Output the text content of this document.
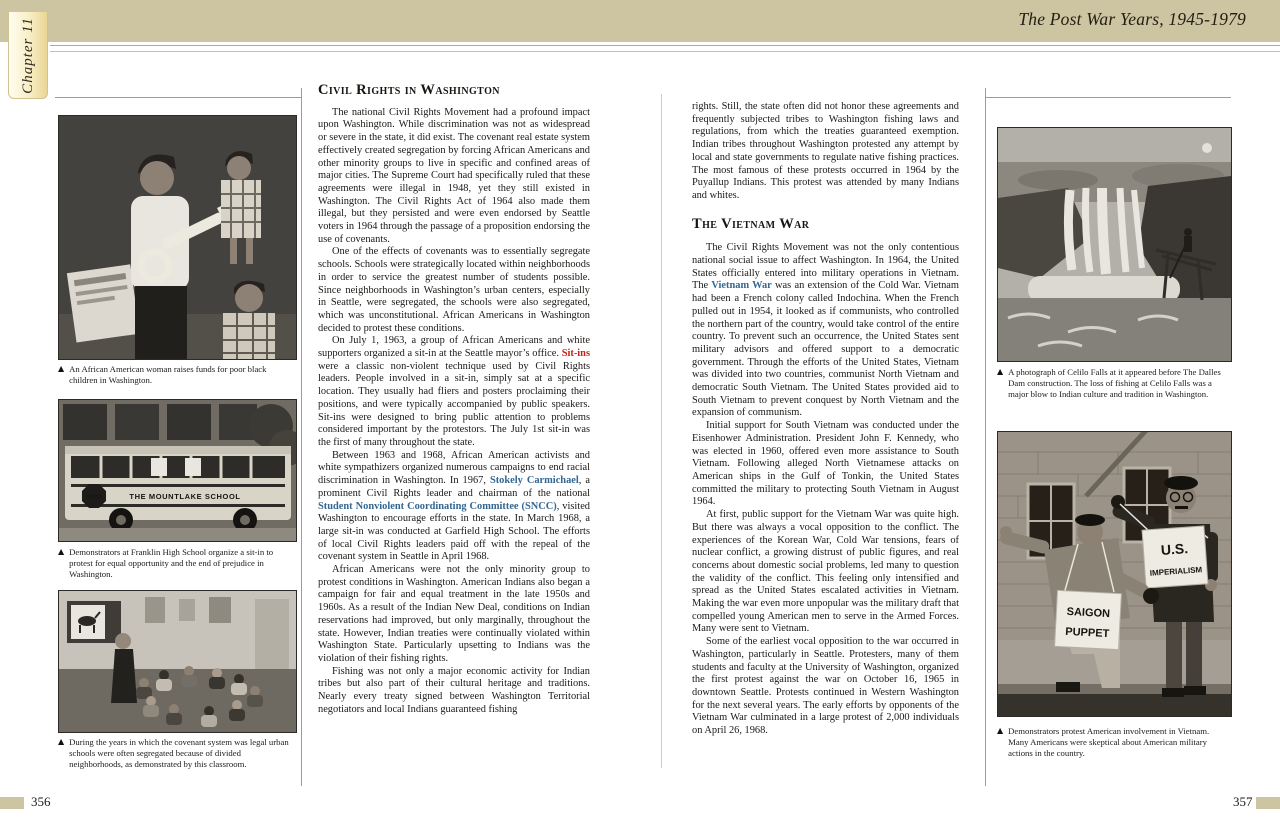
The Post War Years, 1945-1979
Chapter 11
▲ An African American woman raises funds for poor black children in Washington.
THE MOUNTLAKE SCHOOL
STOP
▲ Demonstrators at Franklin High School organize a sit-in to protest for equal opportunity and the end of prejudice in Washington.
▲ During the years in which the covenant system was legal urban schools were often segregated because of divided neighborhoods, as demonstrated by this classroom.
Civil Rights in Washington

The national Civil Rights Movement had a profound impact upon Washington. While discrimination was not as widespread or severe in the state, it did exist. The covenant real estate system effectively created segregation by forcing African Americans and other minority groups to live in specific and confined areas of major cities. The Supreme Court had specifically ruled that these agreements were illegal in 1948, yet they still existed in Washington. The Civil Rights Act of 1964 also made them illegal, but they persisted and were even endorsed by Seattle voters in 1964 through the passage of a proposition endorsing the use of covenants.

One of the effects of covenants was to essentially segregate schools. Schools were strategically located within neighborhoods in order to service the greatest number of students possible. Since neighborhoods in Washington’s urban centers, especially in Seattle, were segregated, the schools were also segregated, which was unconstitutional. African Americans in Washington decided to protest these conditions.

On July 1, 1963, a group of African Americans and white supporters organized a sit-in at the Seattle mayor’s office. Sit-ins were a classic non-violent technique used by Civil Rights leaders. People involved in a sit-in, simply sat at a specific location. They usually had fliers and posters proclaiming their positions, and were typically accompanied by public speakers. Sit-ins were designed to bring public attention to problems considered important by the protestors. The July 1st sit-in was the first of many throughout the state.

Between 1963 and 1968, African American activists and white sympathizers organized numerous campaigns to end racial discrimination in Washington. In 1967, Stokely Carmichael, a prominent Civil Rights leader and chairman of the national Student Nonviolent Coordinating Committee (SNCC), visited Washington to encourage efforts in the state. In March 1968, a large sit-in was conducted at Garfield High School. The efforts of local Civil Rights leaders paid off with the repeal of the covenant system in Seattle in April 1968.

African Americans were not the only minority group to protest conditions in Washington. American Indians also began a campaign for fair and equal treatment in the late 1950s and 1960s. As a result of the Indian New Deal, conditions on Indian reservations had improved, but only marginally, throughout the state. However, Indian treaties were continually violated within Washington State. Particularly upsetting to Indians was the violation of their fishing rights.

Fishing was not only a major economic activity for Indian tribes but also part of their cultural heritage and traditions. Nearly every treaty signed between Washington Territorial negotiators and local Indians guaranteed fishing

rights. Still, the state often did not honor these agreements and frequently subjected tribes to Washington fishing laws and regulations, from which the treaties guaranteed exemption. Indian tribes throughout Washington protested any attempt by local and state governments to regulate native fishing practices. The most famous of these protests occurred in 1964 by the Puyallup Indians. This protest was attended by many Indians and whites.

The Vietnam War

The Civil Rights Movement was not the only contentious national social issue to affect Washington. In 1964, the United States officially entered into military operations in Vietnam. The Vietnam War was an extension of the Cold War. Vietnam had been a French colony called Indochina. When the French pulled out in 1954, it looked as if communists, who controlled the northern part of the country, would take control of the entire country. To prevent such an occurrence, the United States sent military advisors and offered support to a democratic government. Through the efforts of the United States, Vietnam was divided into two countries, communist North Vietnam and democratic South Vietnam. The United States provided aid to South Vietnam to prevent conquest by North Vietnam and the expansion of communism.

Initial support for South Vietnam was conducted under the Eisenhower Administration. President John F. Kennedy, who was elected in 1960, offered even more assistance to South Vietnam. Following alleged North Vietnamese attacks on American ships in the Gulf of Tonkin, the United States committed the military to protecting South Vietnam in August 1964.

At first, public support for the Vietnam War was quite high. But there was always a vocal opposition to the conflict. The experiences of the Korean War, Cold War tensions, fears of nuclear conflict, a growing distrust of public figures, and real concerns about domestic social problems, led many to question the validity of the conflict. This feeling only intensified and spread as the United States escalated activities in Vietnam. Making the war even more unpopular was the military draft that compelled young American men to serve in the Armed Forces. Many were sent to Vietnam.

Some of the earliest vocal opposition to the war occurred in Washington, particularly in Seattle. Protesters, many of them students and faculty at the University of Washington, organized the first protest against the war on October 16, 1965 in downtown Seattle. Protests continued in Western Washington for the next several years. The early efforts by opponents of the Vietnam War culminated in a large protest of 2,000 individuals on April 26, 1968.

▲ A photograph of Celilo Falls at it appeared before The Dalles Dam construction. The loss of fishing at Celilo Falls was a major blow to Indian culture and tradition in Washington.
U.S.
IMPERIALISM
SAIGON
PUPPET
▲ Demonstrators protest American involvement in Vietnam. Many Americans were skeptical about American military actions in the country.
356	357
